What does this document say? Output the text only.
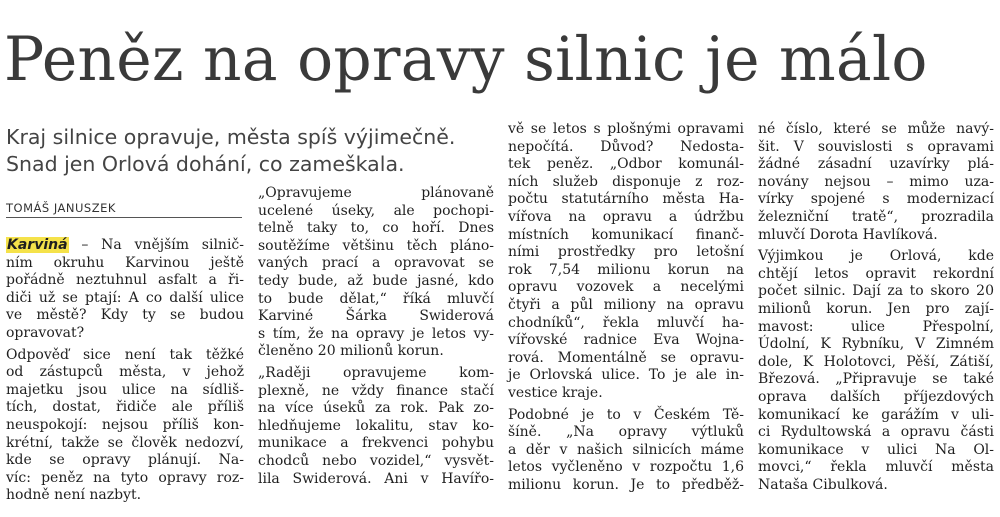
Peněz na opravy silnic je málo
Kraj silnice opravuje, města spíš výjimečně.
Snad jen Orlová dohání, co zameškala.
TOMÁŠ JANUSZEK
Karviná – Na vnějším silnič-
ním okruhu Karvinou ještě
pořádně neztuhnul asfalt a ři-
diči už se ptají: A co další ulice
ve městě? Kdy ty se budou
opravovat?
Odpověď sice není tak těžké
od zástupců města, v jehož
majetku jsou ulice na sídliš-
tích, dostat, řidiče ale příliš
neuspokojí: nejsou příliš kon-
krétní, takže se člověk nedozví,
kde se opravy plánují. Na-
víc: peněz na tyto opravy roz-
hodně není nazbyt.
„Opravujeme plánovaně
ucelené úseky, ale pochopi-
telně taky to, co hoří. Dnes
soutěžíme většinu těch pláno-
vaných prací a opravovat se
tedy bude, až bude jasné, kdo
to bude dělat,“ říká mluvčí
Karviné Šárka Swiderová
s tím, že na opravy je letos vy-
členěno 20 milionů korun.
„Raději opravujeme kom-
plexně, ne vždy finance stačí
na více úseků za rok. Pak zo-
hledňujeme lokalitu, stav ko-
munikace a frekvenci pohybu
chodců nebo vozidel,“ vysvět-
lila Swiderová. Ani v Havířo-
vě se letos s plošnými opravami
nepočítá. Důvod? Nedosta-
tek peněz. „Odbor komunál-
ních služeb disponuje z roz-
počtu statutárního města Ha-
vířova na opravu a údržbu
místních komunikací finanč-
ními prostředky pro letošní
rok 7,54 milionu korun na
opravu vozovek a necelými
čtyři a půl miliony na opravu
chodníků“, řekla mluvčí ha-
vířovské radnice Eva Wojna-
rová. Momentálně se opravu-
je Orlovská ulice. To je ale in-
vestice kraje.
Podobné je to v Českém Tě-
šíně. „Na opravy výtluků
a děr v našich silnicích máme
letos vyčleněno v rozpočtu 1,6
milionu korun. Je to předběž-
né číslo, které se může navý-
šit. V souvislosti s opravami
žádné zásadní uzavírky plá-
novány nejsou – mimo uza-
vírky spojené s modernizací
železniční tratě“, prozradila
mluvčí Dorota Havlíková.
Výjimkou je Orlová, kde
chtějí letos opravit rekordní
počet silnic. Dají za to skoro 20
milionů korun. Jen pro zají-
mavost: ulice Přespolní,
Údolní, K Rybníku, V Zimném
dole, K Holotovci, Pěší, Zátiší,
Březová. „Připravuje se také
oprava dalších příjezdových
komunikací ke garážím v uli-
ci Rydultowská a opravu části
komunikace v ulici Na Ol-
movci,“ řekla mluvčí města
Nataša Cibulková.
